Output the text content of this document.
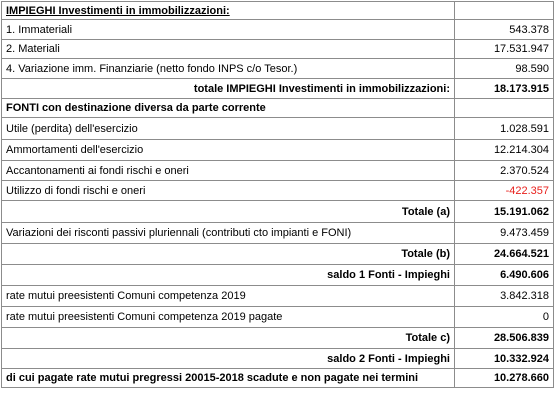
IMPIEGHI Investimenti in immobilizzazioni:	
1. Immateriali	543.378
2. Materiali	17.531.947
4. Variazione imm. Finanziarie (netto fondo INPS c/o Tesor.)	98.590
totale IMPIEGHI Investimenti in immobilizzazioni:	18.173.915
FONTI con destinazione diversa da parte corrente	
Utile (perdita) dell'esercizio	1.028.591
Ammortamenti dell'esercizio	12.214.304
Accantonamenti ai fondi rischi e oneri	2.370.524
Utilizzo di fondi rischi e oneri	-422.357
Totale (a)	15.191.062
Variazioni dei risconti passivi pluriennali (contributi cto impianti e FONI)	9.473.459
Totale (b)	24.664.521
saldo 1 Fonti - Impieghi	6.490.606
rate mutui preesistenti Comuni competenza 2019	3.842.318
rate mutui preesistenti Comuni competenza 2019 pagate	0
Totale c)	28.506.839
saldo 2 Fonti - Impieghi	10.332.924
di cui pagate rate mutui pregressi 20015-2018 scadute e non pagate nei termini	10.278.660
